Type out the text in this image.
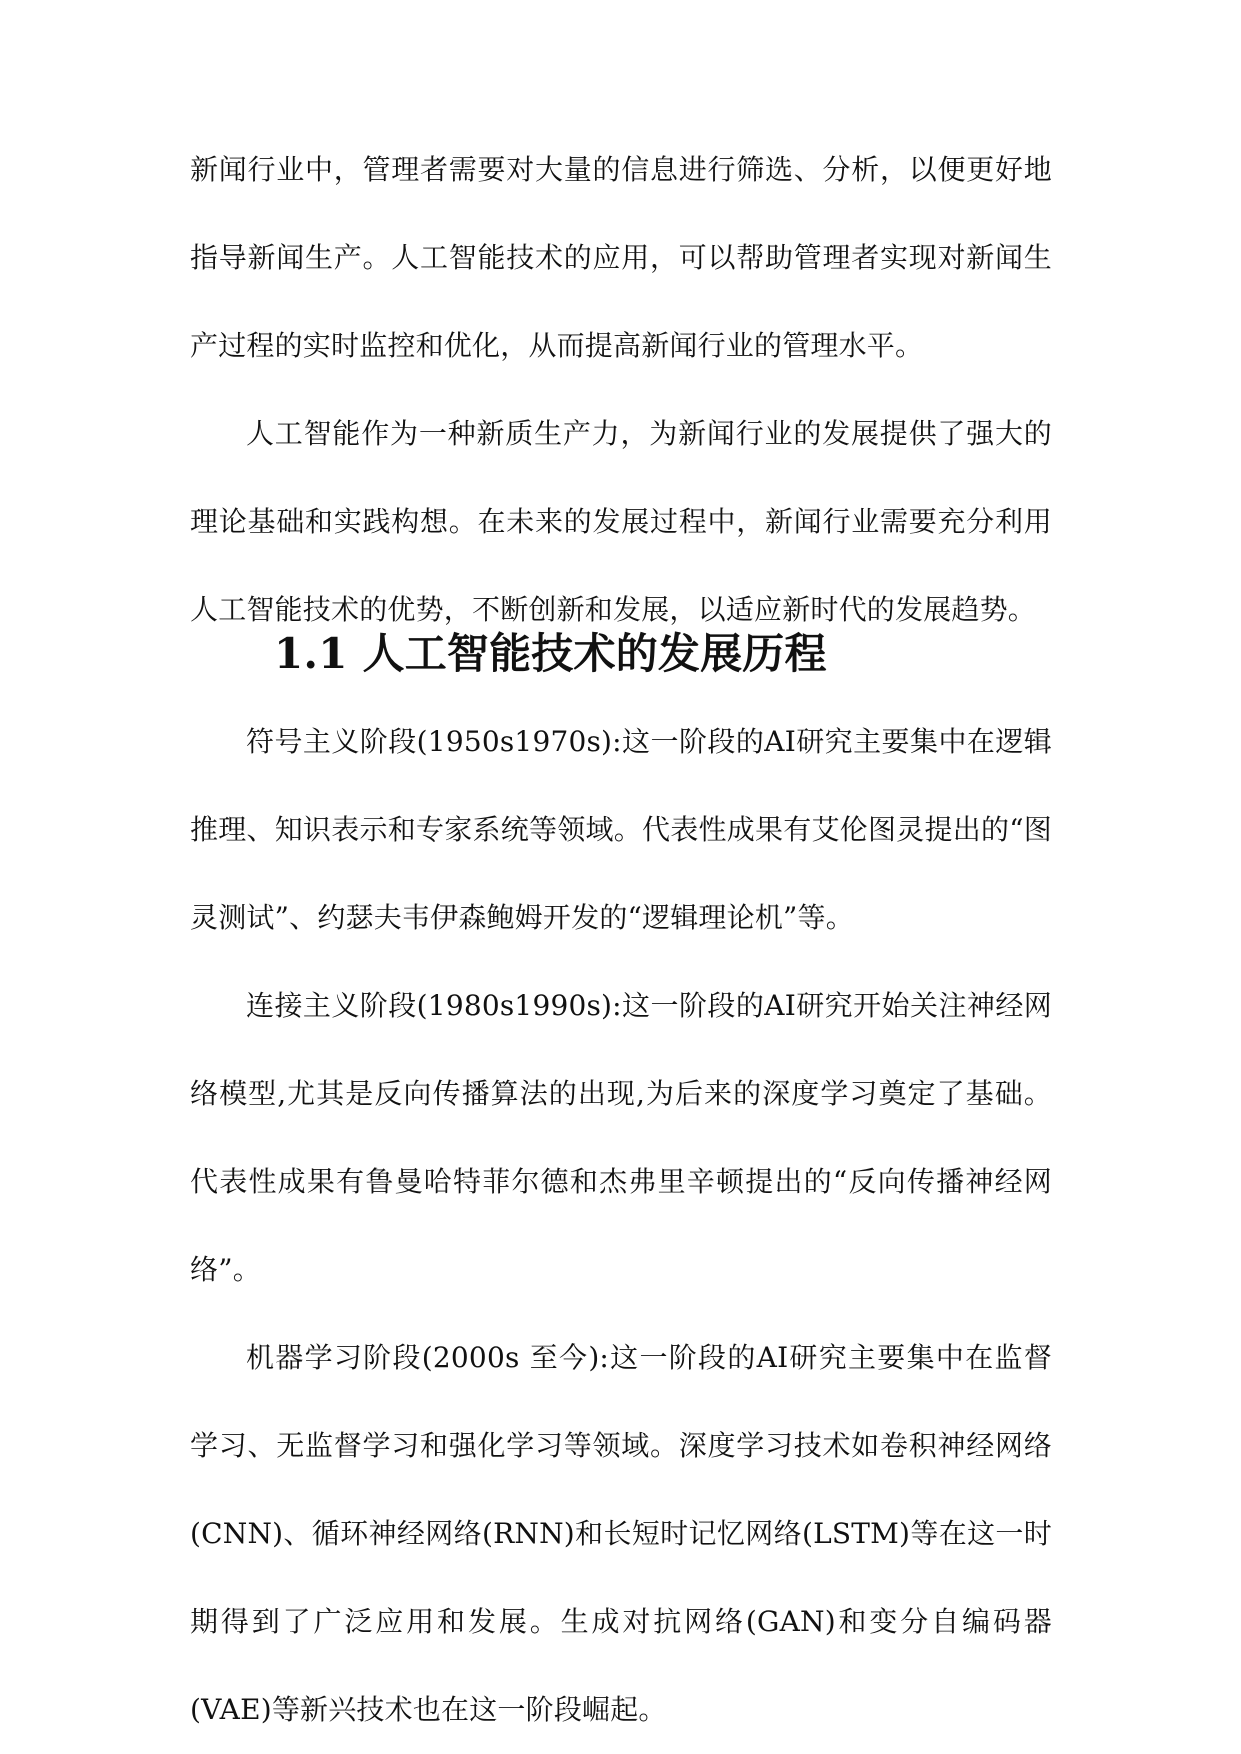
新闻行业中，管理者需要对大量的信息进行筛选、分析，以便更好地指导新闻生产。人工智能技术的应用，可以帮助管理者实现对新闻生产过程的实时监控和优化，从而提高新闻行业的管理水平。

人工智能作为一种新质生产力，为新闻行业的发展提供了强大的理论基础和实践构想。在未来的发展过程中，新闻行业需要充分利用人工智能技术的优势，不断创新和发展，以适应新时代的发展趋势。

1.1 人工智能技术的发展历程

符号主义阶段(1950s1970s):这一阶段的AI研究主要集中在逻辑推理、知识表示和专家系统等领域。代表性成果有艾伦图灵提出的“图灵测试”、约瑟夫韦伊森鲍姆开发的“逻辑理论机”等。

连接主义阶段(1980s1990s):这一阶段的AI研究开始关注神经网络模型,尤其是反向传播算法的出现,为后来的深度学习奠定了基础。代表性成果有鲁曼哈特菲尔德和杰弗里辛顿提出的“反向传播神经网络”。

机器学习阶段(2000s 至今):这一阶段的AI研究主要集中在监督学习、无监督学习和强化学习等领域。深度学习技术如卷积神经网络(CNN)、循环神经网络(RNN)和长短时记忆网络(LSTM)等在这一时期得到了广泛应用和发展。生成对抗网络(GAN)和变分自编码器(VAE)等新兴技术也在这一阶段崛起。
